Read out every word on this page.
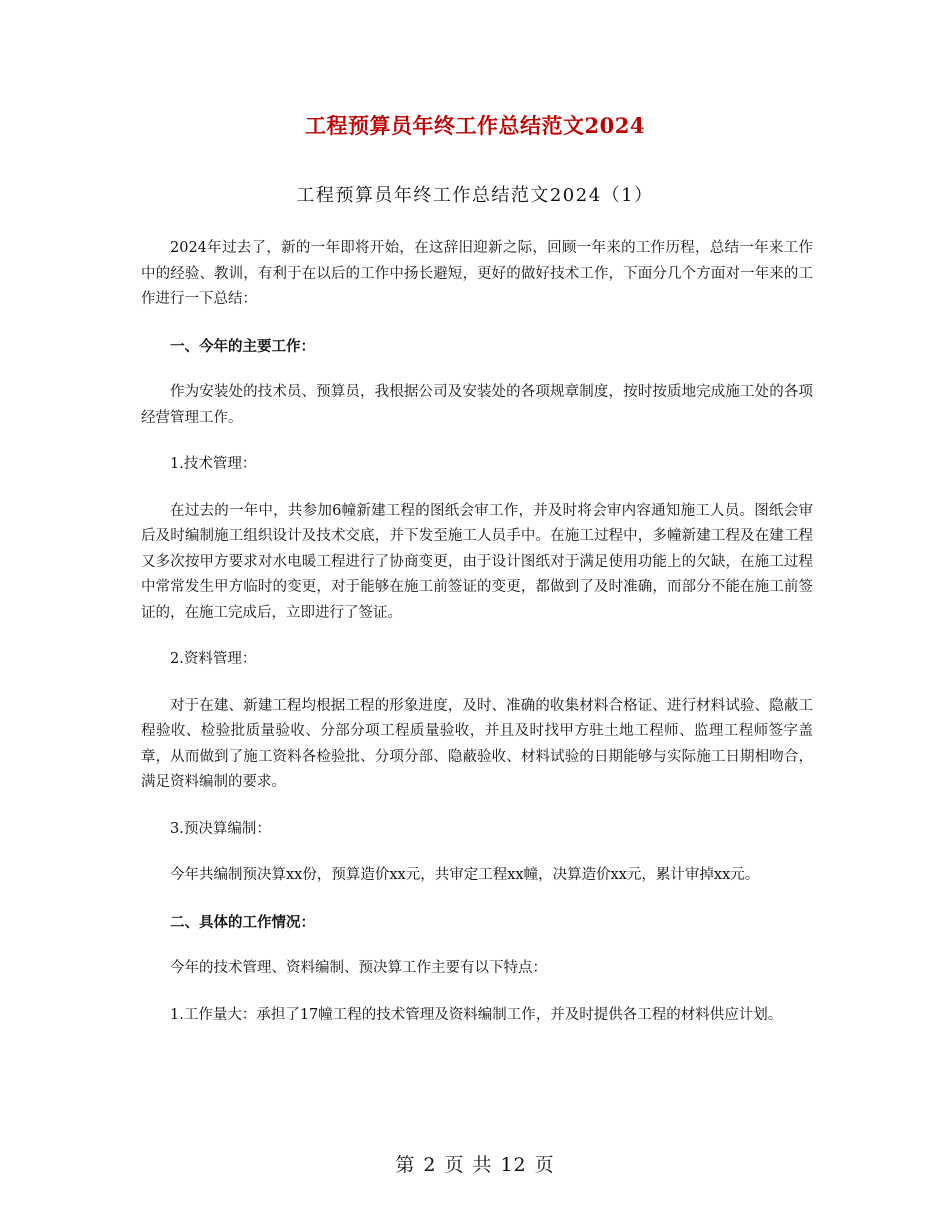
工程预算员年终工作总结范文2024
工程预算员年终工作总结范文2024（1）

2024年过去了，新的一年即将开始，在这辞旧迎新之际，回顾一年来的工作历程，总结一年来工作中的经验、教训，有利于在以后的工作中扬长避短，更好的做好技术工作，下面分几个方面对一年来的工作进行一下总结：

一、今年的主要工作：

作为安装处的技术员、预算员，我根据公司及安装处的各项规章制度，按时按质地完成施工处的各项经营管理工作。

1.技术管理：

在过去的一年中，共参加6幢新建工程的图纸会审工作，并及时将会审内容通知施工人员。图纸会审后及时编制施工组织设计及技术交底，并下发至施工人员手中。在施工过程中，多幢新建工程及在建工程又多次按甲方要求对水电暖工程进行了协商变更，由于设计图纸对于满足使用功能上的欠缺，在施工过程中常常发生甲方临时的变更，对于能够在施工前签证的变更，都做到了及时准确，而部分不能在施工前签证的，在施工完成后，立即进行了签证。

2.资料管理：

对于在建、新建工程均根据工程的形象进度，及时、准确的收集材料合格证、进行材料试验、隐蔽工程验收、检验批质量验收、分部分项工程质量验收，并且及时找甲方驻土地工程师、监理工程师签字盖章，从而做到了施工资料各检验批、分项分部、隐蔽验收、材料试验的日期能够与实际施工日期相吻合，满足资料编制的要求。

3.预决算编制：

今年共编制预决算xx份，预算造价xx元，共审定工程xx幢，决算造价xx元，累计审掉xx元。

二、具体的工作情况：

今年的技术管理、资料编制、预决算工作主要有以下特点：

1.工作量大：承担了17幢工程的技术管理及资料编制工作，并及时提供各工程的材料供应计划。

第 2 页 共 12 页
